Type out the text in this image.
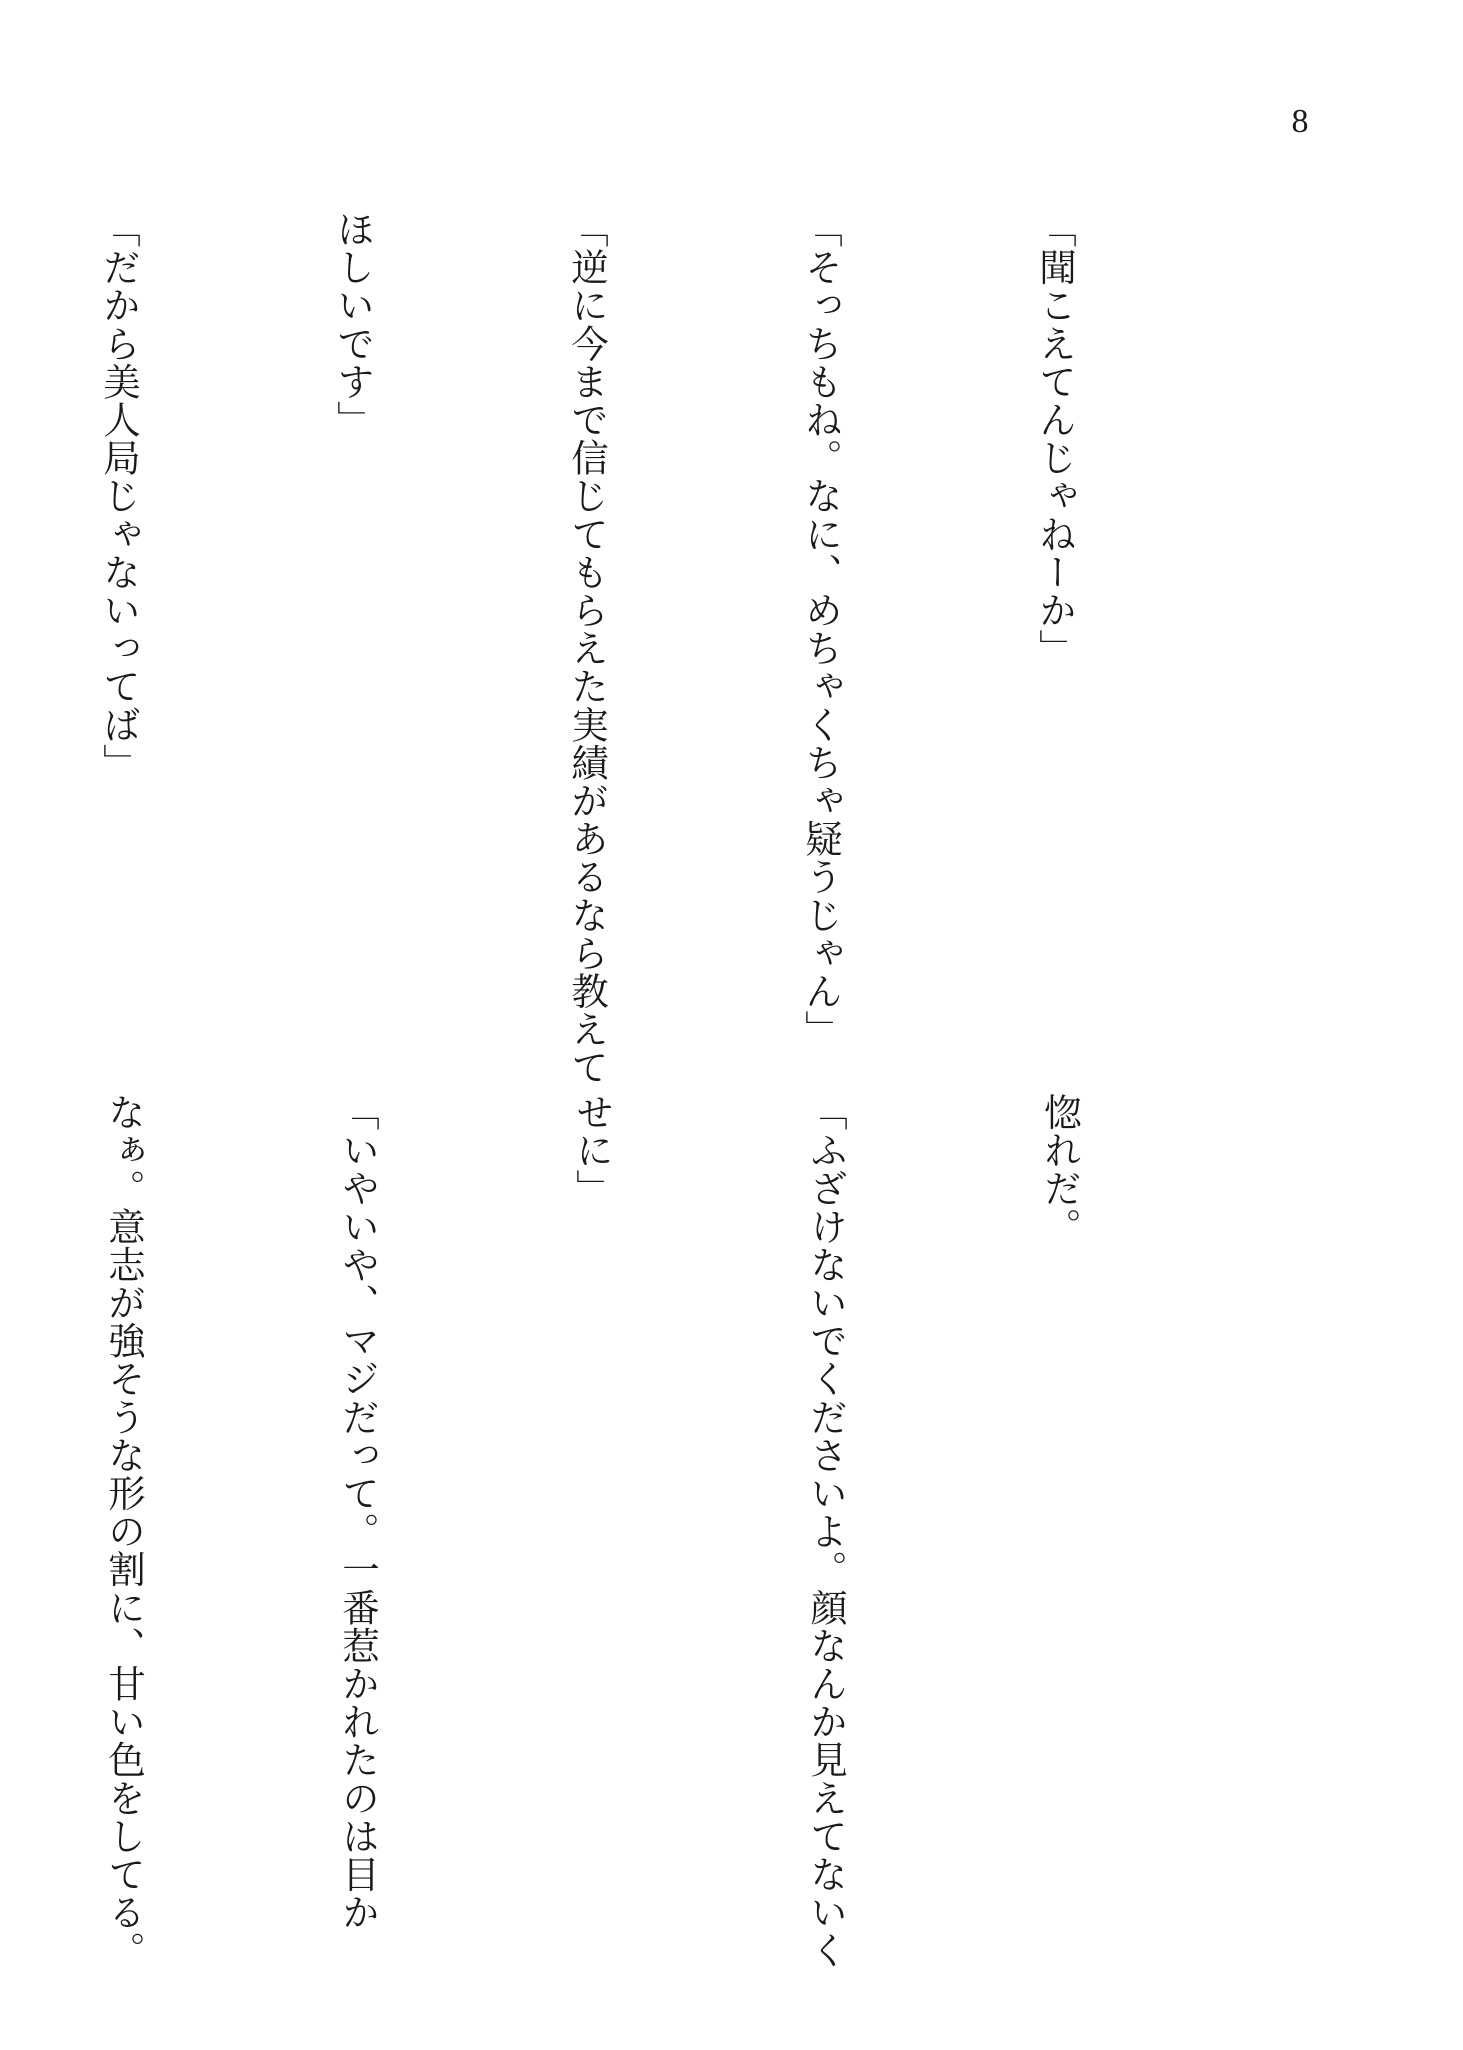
8

「聞こえてんじゃねーか」

「そっちもね。なに、めちゃくちゃ疑うじゃん」

「逆に今まで信じてもらえた実績があるなら教えて

ほしいです」

「だから美人局じゃないってば」

惚れだ。

「ふざけないでくださいよ。顔なんか見えてないく

せに」

「いやいや、マジだって。一番惹かれたのは目か

なぁ。意志が強そうな形の割に、甘い色をしてる。
